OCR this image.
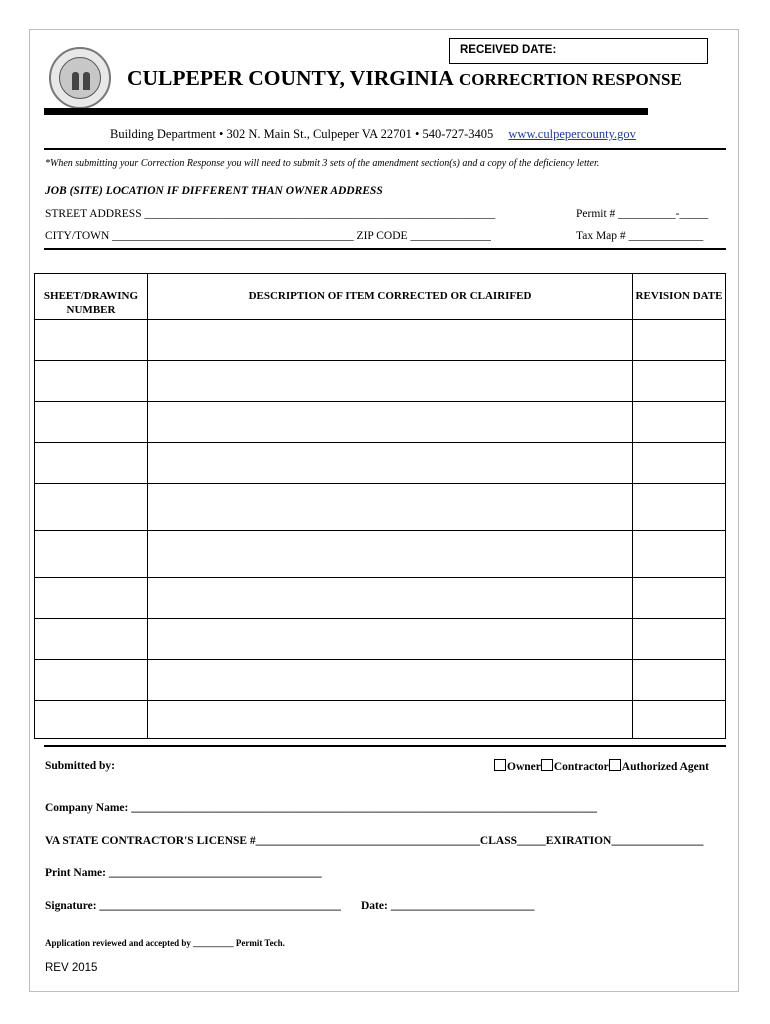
CULPEPER COUNTY, VIRGINIA
RECEIVED DATE:
CORRECRTION RESPONSE
Building Department • 302 N. Main St., Culpeper VA 22701 • 540-727-3405 www.culpepercounty.gov
*When submitting your Correction Response you will need to submit 3 sets of the amendment section(s) and a copy of the deficiency letter.
JOB (SITE) LOCATION IF DIFFERENT THAN OWNER ADDRESS
STREET ADDRESS _____________________________________________________________	Permit # __________-_____
CITY/TOWN __________________________________________ ZIP CODE ______________	Tax Map # _____________
SHEET/DRAWING NUMBER	DESCRIPTION OF ITEM CORRECTED OR CLAIRIFED	REVISION DATE

Submitted by:	Owner Contractor Authorized Agent
Company Name: _________________________________________________________________________________
VA STATE CONTRACTOR'S LICENSE #_______________________________________CLASS_____EXIRATION________________
Print Name: _____________________________________
Signature: __________________________________________ Date: _________________________
Application reviewed and accepted by _________ Permit Tech.
REV 2015
